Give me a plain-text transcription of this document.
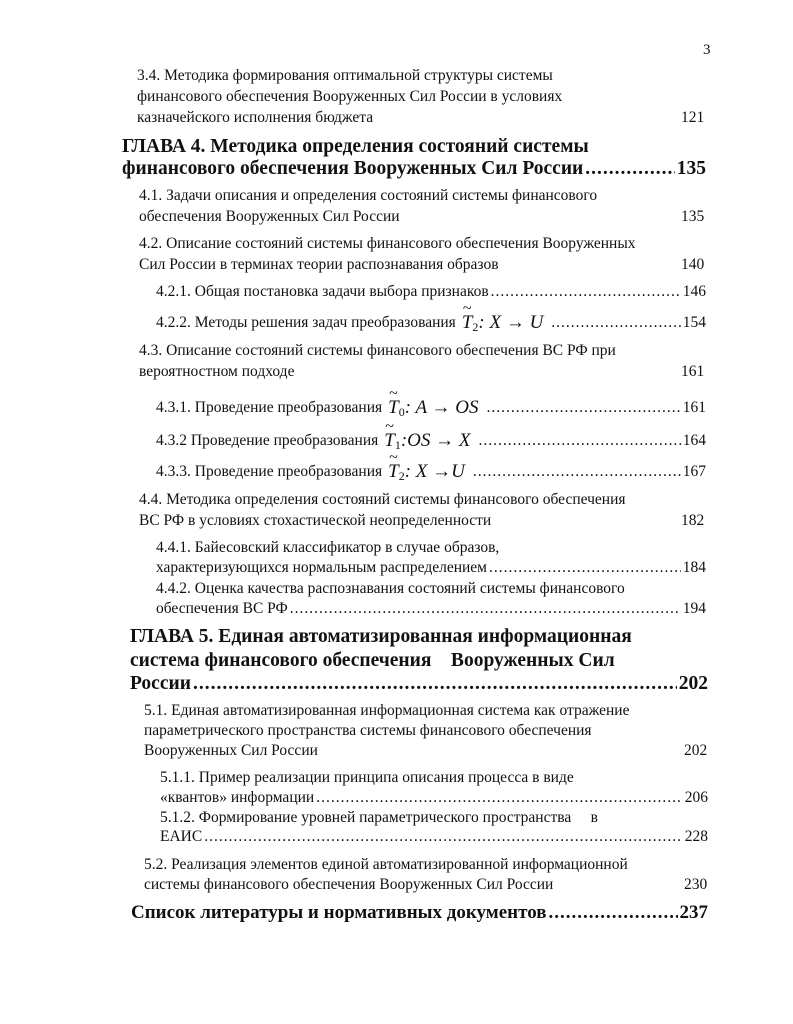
3
3.4. Методика формирования оптимальной структуры системы
финансового обеспечения Вооруженных Сил России в условиях
казначейского исполнения бюджета	121
ГЛАВА 4. Методика определения состояний системы
финансового обеспечения Вооруженных Сил России .....	135
4.1. Задачи описания и определения состояний системы финансового
обеспечения Вооруженных Сил России	135
4.2. Описание состояний системы финансового обеспечения Вооруженных
Сил России в терминах теории распознавания образов	140
4.2.1. Общая постановка задачи выбора признаков .....	146
4.2.2. Методы решения задач преобразования ~ $T_2$: X → U .....	154
4.3. Описание состояний системы финансового обеспечения ВС РФ при
вероятностном подходе	161
4.3.1. Проведение преобразования ~ $T_0$: A → OS .....	161
4.3.2 Проведение преобразования ~ $T_1:OS \to X$ .....	164
4.3.3. Проведение преобразования ~ $T_2$: X →U .....	167
4.4. Методика определения состояний системы финансового обеспечения
ВС РФ в условиях стохастической неопределенности	182
4.4.1. Байесовский классификатор в случае образов,
характеризующихся нормальным распределением .....	184
4.4.2. Оценка качества распознавания состояний системы финансового
обеспечения ВС РФ .....	194
ГЛАВА 5. Единая автоматизированная информационная
система финансового обеспечения    Вооруженных Сил
России .....	202
5.1. Единая автоматизированная информационная система как отражение
параметрического пространства системы финансового обеспечения
Вооруженных Сил России	202
5.1.1. Пример реализации принципа описания процесса в виде
«квантов» информации .....	206
5.1.2. Формирование уровней параметрического пространства     в
ЕАИС .....	228
5.2. Реализация элементов единой автоматизированной информационной
системы финансового обеспечения Вооруженных Сил России	230
Список литературы и нормативных документов .....	237
